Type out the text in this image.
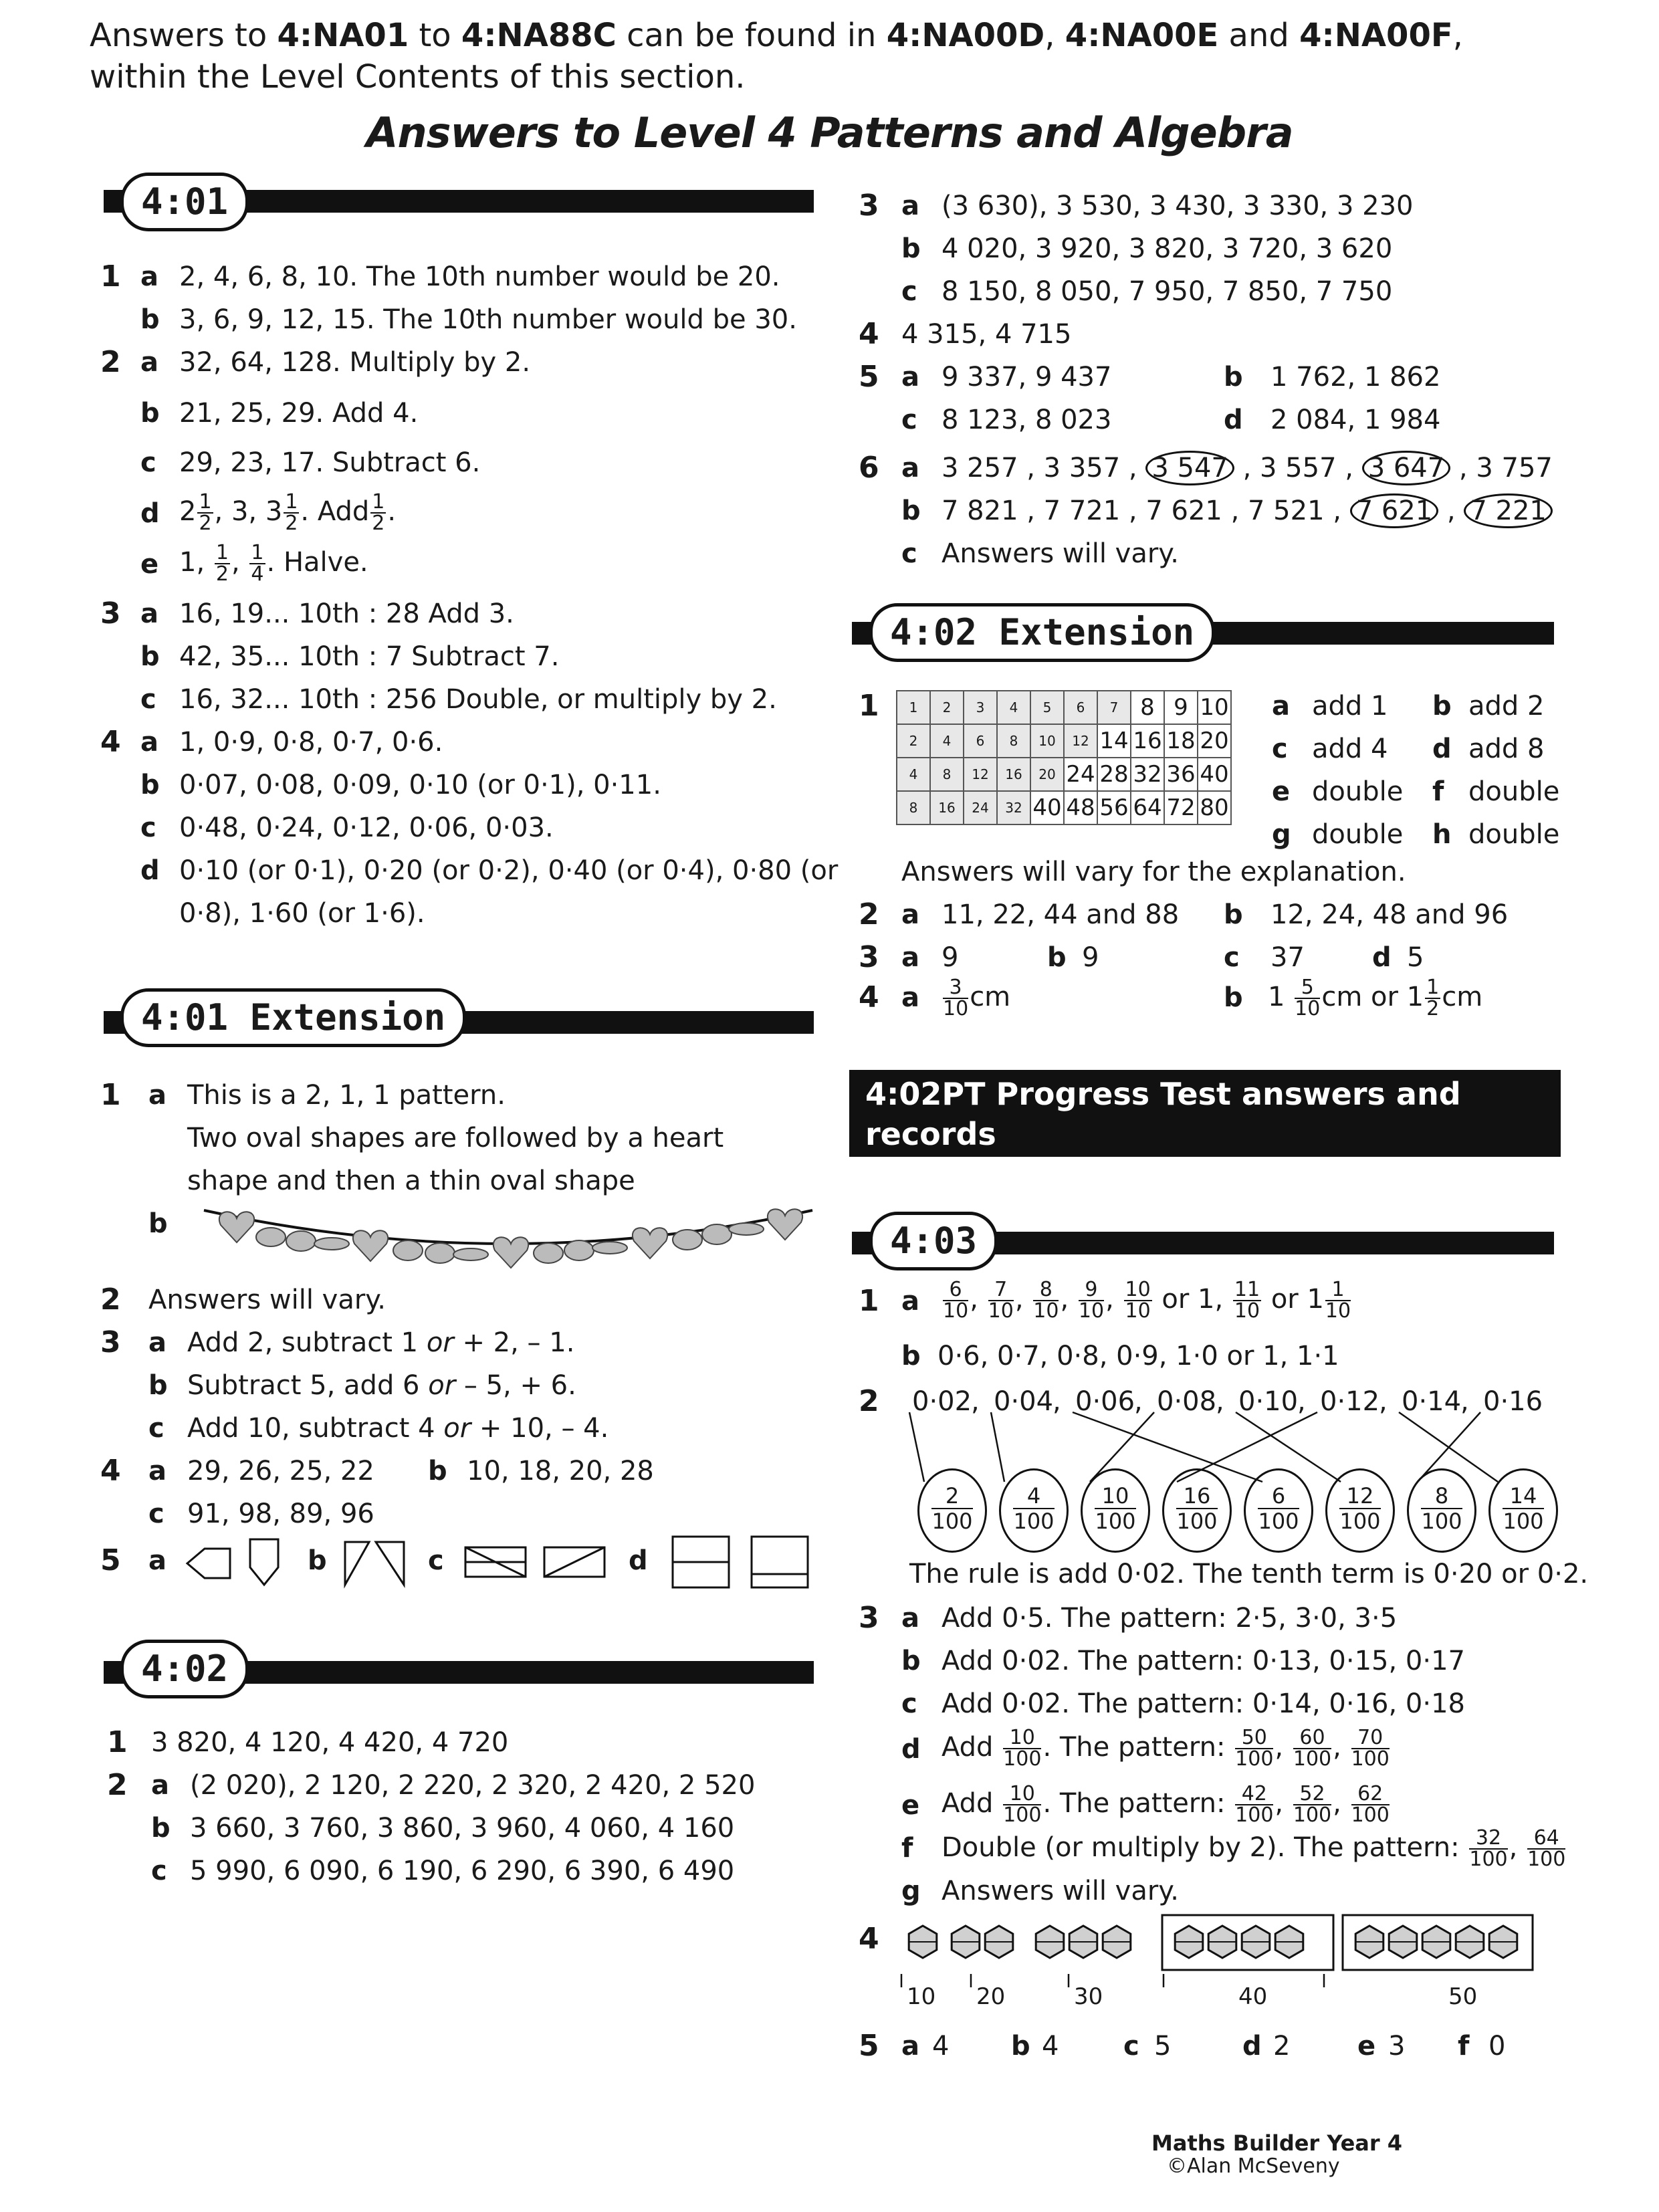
Answers to 4:NA01 to 4:NA88C can be found in 4:NA00D, 4:NA00E and 4:NA00F,
within the Level Contents of this section.
Answers to Level 4 Patterns and Algebra
4:01
1 a 2, 4, 6, 8, 10. The 10th number would be 20.
b 3, 6, 9, 12, 15. The 10th number would be 30.
2 a 32, 64, 128. Multiply by 2.
b 21, 25, 29. Add 4.
c 29, 23, 17. Subtract 6.
d $2 \frac{1}{2}$ , 3, $3 \frac{1}{2}$ . Add $\frac{1}{2}$ .
e 1, $\frac{1}{2}$ , $\frac{1}{4}$ . Halve.
3 a 16, 19... 10th : 28 Add 3.
b 42, 35... 10th : 7 Subtract 7.
c 16, 32... 10th : 256 Double, or multiply by 2.
4 a 1, 0·9, 0·8, 0·7, 0·6.
b 0·07, 0·08, 0·09, 0·10 (or 0·1), 0·11.
c 0·48, 0·24, 0·12, 0·06, 0·03.
d 0·10 (or 0·1), 0·20 (or 0·2), 0·40 (or 0·4), 0·80 (or
0·8), 1·60 (or 1·6).
4:01 Extension
1 a This is a 2, 1, 1 pattern.
Two oval shapes are followed by a heart
shape and then a thin oval shape
b
2 Answers will vary.
3 a Add 2, subtract 1 or + 2, – 1.
b Subtract 5, add 6 or – 5, + 6.
c Add 10, subtract 4 or + 10, – 4.
4 a 29, 26, 25, 22 b 10, 18, 20, 28
c 91, 98, 89, 96
5 a	b	c	d
4:02
1 3 820, 4 120, 4 420, 4 720
2 a (2 020), 2 120, 2 220, 2 320, 2 420, 2 520
b 3 660, 3 760, 3 860, 3 960, 4 060, 4 160
c 5 990, 6 090, 6 190, 6 290, 6 390, 6 490
3 a (3 630), 3 530, 3 430, 3 330, 3 230
b 4 020, 3 920, 3 820, 3 720, 3 620
c 8 150, 8 050, 7 950, 7 850, 7 750
4 4 315, 4 715
5 a 9 337, 9 437	b 1 762, 1 862
c 8 123, 8 023	d 2 084, 1 984
6 a 3 257 , 3 357 , 3 547 , 3 557 , 3 647 , 3 757
b 7 821 , 7 721 , 7 621 , 7 521 , 7 621 , 7 221
c Answers will vary.
4:02 Extension
1 1	2	3	4	5	6	7	8	9	10
2	4	6	8	10	12	14	16	18	20
4	8	12	16	20	24	28	32	36	40
8	16	24	32	40	48	56	64	72	80
a add 1 b add 2
c add 4 d add 8
e double f double
g double h double
Answers will vary for the explanation.
2 a 11, 22, 44 and 88 b 12, 24, 48 and 96
3 a 9	b 9	c 37	d 5
4 a $\frac{3}{10}$ cm	b $1 \frac{5}{10}$ cm or $1 \frac{1}{2}$ cm
4:02PT Progress Test answers and records
are at the end of this section.
4:03
1 a $\frac{6}{10}$ , $\frac{7}{10}$ , $\frac{8}{10}$ , $\frac{9}{10}$ , $\frac{10}{10}$ or 1, $\frac{11}{10}$ or $1 \frac{1}{10}$
b 0·6, 0·7, 0·8, 0·9, 1·0 or 1, 1·1
2 0·02
, 0·04
, 0·06
, 0·08
, 0·10
, 0·12
, 0·14
, 0·16
$\frac{2}{100} \frac{4}{100} \frac{10}{100} \frac{16}{100} \frac{6}{100} \frac{12}{100} \frac{8}{100} \frac{14}{100}$
The rule is add 0·02. The tenth term is 0·20 or 0·2.
3 a Add 0·5. The pattern: 2·5, 3·0, 3·5
b Add 0·02. The pattern: 0·13, 0·15, 0·17
c Add 0·02. The pattern: 0·14, 0·16, 0·18
d Add $\frac{10}{100}$ . The pattern: $\frac{50}{100}$ , $\frac{60}{100}$ , $\frac{70}{100}$
e Add $\frac{10}{100}$ . The pattern: $\frac{42}{100}$ , $\frac{52}{100}$ , $\frac{62}{100}$
f Double (or multiply by 2). The pattern: $\frac{32}{100}$ , $\frac{64}{100}$
g Answers will vary.
4
10 20	30	40	50
5 a 4 b 4 c 5	d 2	e 3 f 0
Maths Builder Year 4
©Alan McSeveny
